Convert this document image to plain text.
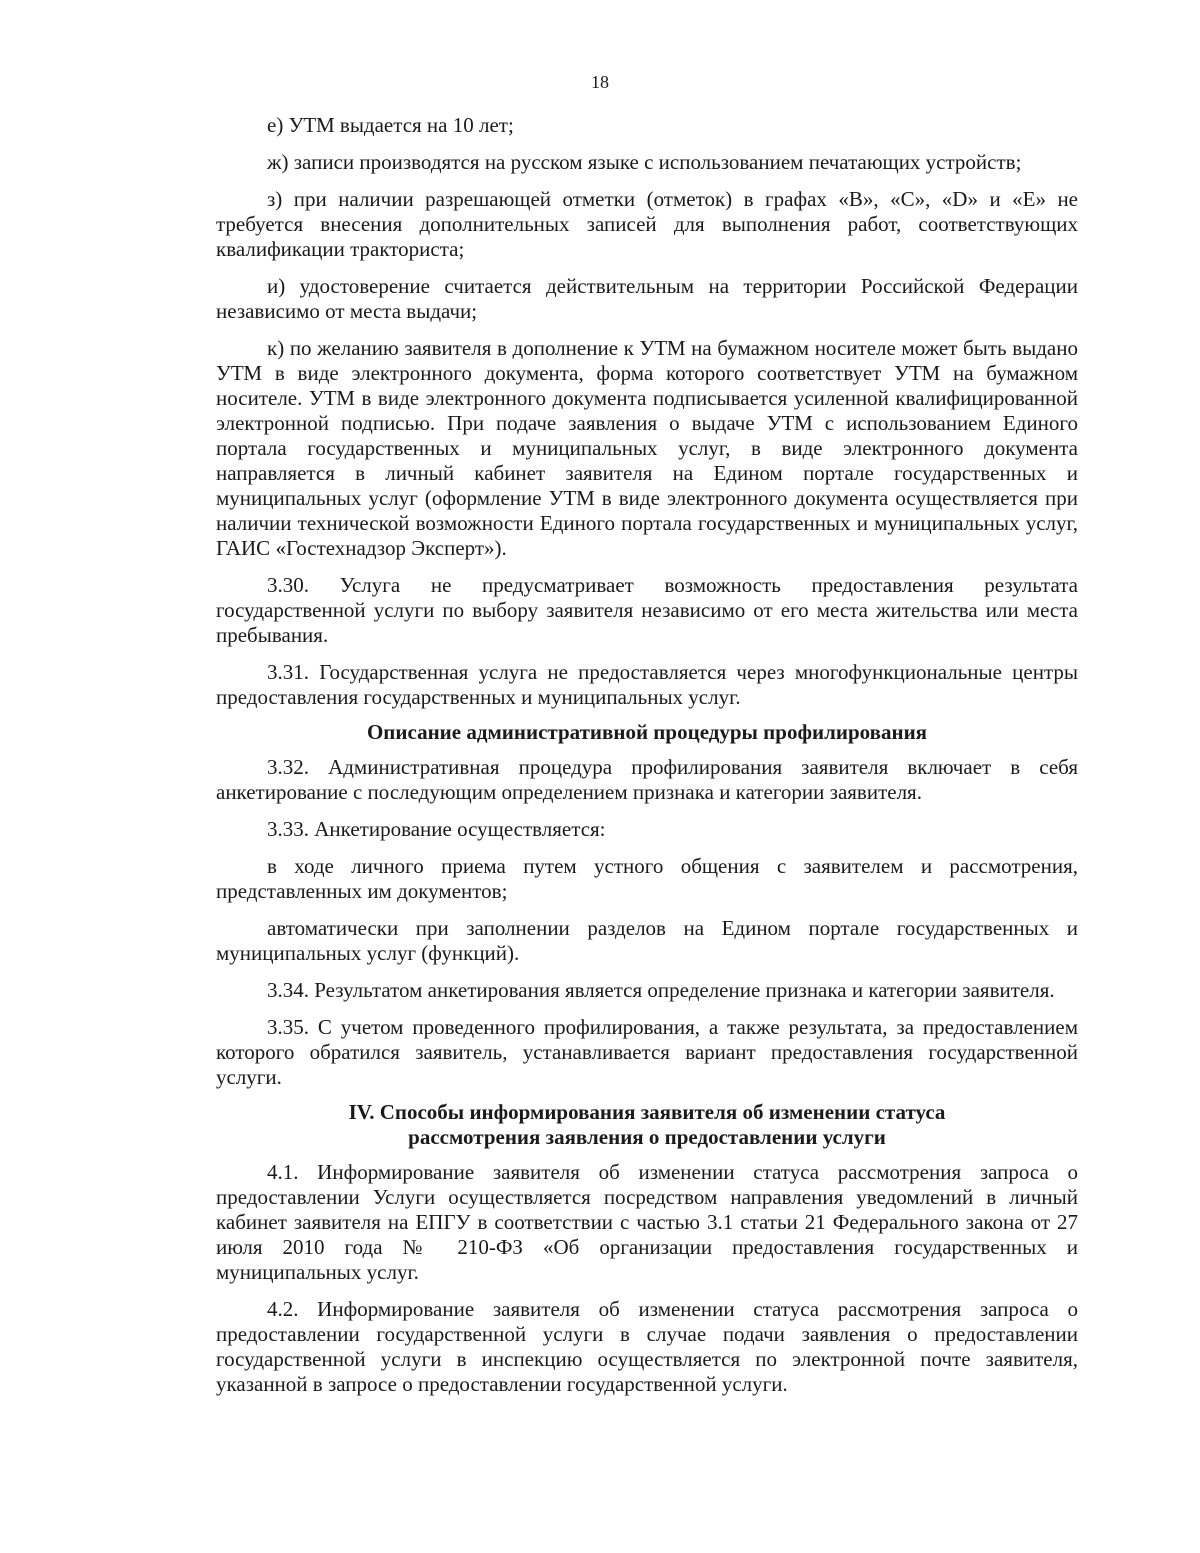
18

е) УТМ выдается на 10 лет;

ж) записи производятся на русском языке с использованием печатающих устройств;

з) при наличии разрешающей отметки (отметок) в графах «B», «C», «D» и «E» не требуется внесения дополнительных записей для выполнения работ, соответствующих квалификации тракториста;

и) удостоверение считается действительным на территории Российской Федерации независимо от места выдачи;

к) по желанию заявителя в дополнение к УТМ на бумажном носителе может быть выдано УТМ в виде электронного документа, форма которого соответствует УТМ на бумажном носителе. УТМ в виде электронного документа подписывается усиленной квалифицированной электронной подписью. При подаче заявления о выдаче УТМ с использованием Единого портала государственных и муниципальных услуг, в виде электронного документа направляется в личный кабинет заявителя на Едином портале государственных и муниципальных услуг (оформление УТМ в виде электронного документа осуществляется при наличии технической возможности Единого портала государственных и муниципальных услуг, ГАИС «Гостехнадзор Эксперт»).

3.30. Услуга не предусматривает возможность предоставления результата государственной услуги по выбору заявителя независимо от его места жительства или места пребывания.

3.31. Государственная услуга не предоставляется через многофункциональные центры предоставления государственных и муниципальных услуг.

Описание административной процедуры профилирования

3.32. Административная процедура профилирования заявителя включает в себя анкетирование с последующим определением признака и категории заявителя.

3.33. Анкетирование осуществляется:

в ходе личного приема путем устного общения с заявителем и рассмотрения, представленных им документов;

автоматически при заполнении разделов на Едином портале государственных и муниципальных услуг (функций).

3.34. Результатом анкетирования является определение признака и категории заявителя.

3.35. С учетом проведенного профилирования, а также результата, за предоставлением которого обратился заявитель, устанавливается вариант предоставления государственной услуги.

IV. Способы информирования заявителя об изменении статуса
рассмотрения заявления о предоставлении услуги

4.1. Информирование заявителя об изменении статуса рассмотрения запроса о предоставлении Услуги осуществляется посредством направления уведомлений в личный кабинет заявителя на ЕПГУ в соответствии с частью 3.1 статьи 21 Федерального закона от 27 июля 2010 года № 210-ФЗ «Об организации предоставления государственных и муниципальных услуг.

4.2. Информирование заявителя об изменении статуса рассмотрения запроса о предоставлении государственной услуги в случае подачи заявления о предоставлении государственной услуги в инспекцию осуществляется по электронной почте заявителя, указанной в запросе о предоставлении государственной услуги.
